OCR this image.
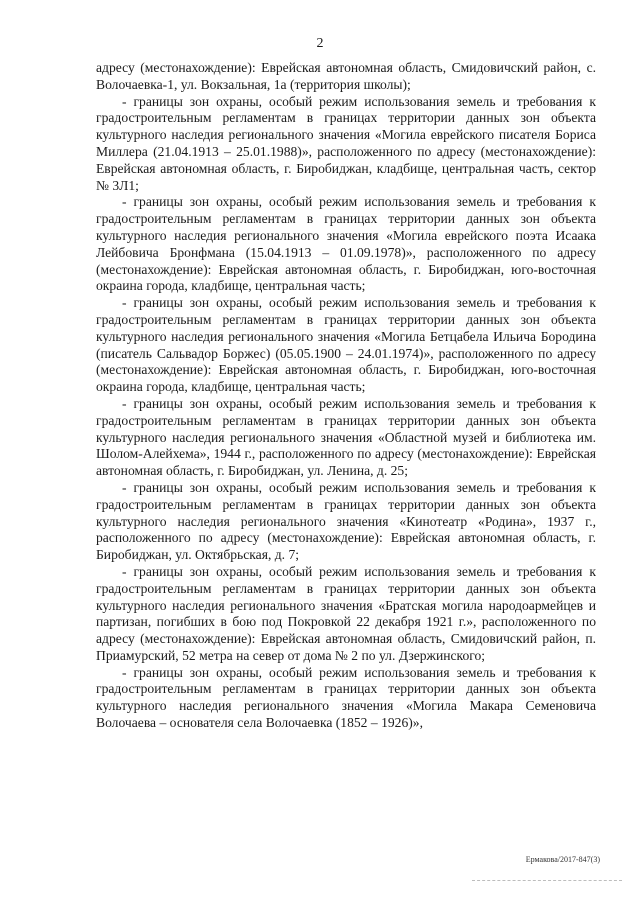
2

адресу (местонахождение): Еврейская автономная область, Смидовичский район, с. Волочаевка-1, ул. Вокзальная, 1а (территория школы);

- границы зон охраны, особый режим использования земель и требования к градостроительным регламентам в границах территории данных зон объекта культурного наследия регионального значения «Могила еврейского писателя Бориса Миллера (21.04.1913 – 25.01.1988)», расположенного по адресу (местонахождение): Еврейская автономная область, г. Биробиджан, кладбище, центральная часть, сектор № 3Л1;

- границы зон охраны, особый режим использования земель и требования к градостроительным регламентам в границах территории данных зон объекта культурного наследия регионального значения «Могила еврейского поэта Исаака Лейбовича Бронфмана (15.04.1913 – 01.09.1978)», расположенного по адресу (местонахождение): Еврейская автономная область, г. Биробиджан, юго-восточная окраина города, кладбище, центральная часть;

- границы зон охраны, особый режим использования земель и требования к градостроительным регламентам в границах территории данных зон объекта культурного наследия регионального значения «Могила Бетцабела Ильича Бородина (писатель Сальвадор Боржес) (05.05.1900 – 24.01.1974)», расположенного по адресу (местонахождение): Еврейская автономная область, г. Биробиджан, юго-восточная окраина города, кладбище, центральная часть;

- границы зон охраны, особый режим использования земель и требования к градостроительным регламентам в границах территории данных зон объекта культурного наследия регионального значения «Областной музей и библиотека им. Шолом-Алейхема», 1944 г., расположенного по адресу (местонахождение): Еврейская автономная область, г. Биробиджан, ул. Ленина, д. 25;

- границы зон охраны, особый режим использования земель и требования к градостроительным регламентам в границах территории данных зон объекта культурного наследия регионального значения «Кинотеатр «Родина», 1937 г., расположенного по адресу (местонахождение): Еврейская автономная область, г. Биробиджан, ул. Октябрьская, д. 7;

- границы зон охраны, особый режим использования земель и требования к градостроительным регламентам в границах территории данных зон объекта культурного наследия регионального значения «Братская могила народоармейцев и партизан, погибших в бою под Покровкой 22 декабря 1921 г.», расположенного по адресу (местонахождение): Еврейская автономная область, Смидовичский район, п. Приамурский, 52 метра на север от дома № 2 по ул. Дзержинского;

- границы зон охраны, особый режим использования земель и требования к градостроительным регламентам в границах территории данных зон объекта культурного наследия регионального значения «Могила Макара Семеновича Волочаева – основателя села Волочаевка (1852 – 1926)»,

Ермакова/2017-847(3)
